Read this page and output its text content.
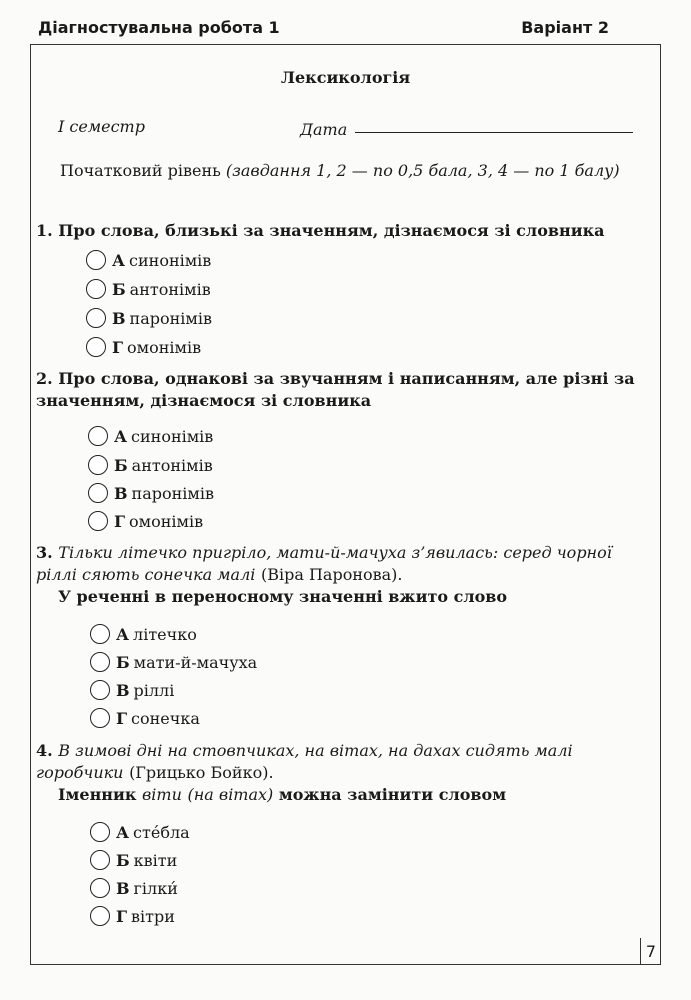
Діагностувальна робота 1	Варіант 2
Лексикологія
I семестр	Дата
Початковий рівень (завдання 1, 2 — по 0,5 бала, 3, 4 — по 1 балу)
1. Про слова, близькі за значенням, дізнаємося зі словника
А синонімів
Б антонімів
В паронімів
Г омонімів
2. Про слова, однакові за звучанням і написанням, але різні за значенням, дізнаємося зі словника
А синонімів
Б антонімів
В паронімів
Г омонімів
3. Тільки літечко пригріло, мати-й-мачуха з’явилась: серед чорної ріллі сяють сонечка малі (Віра Паронова).
У реченні в переносному значенні вжито слово
А літечко
Б мати-й-мачуха
В ріллі
Г сонечка
4. В зимові дні на стовпчиках, на вітах, на дахах сидять малі горобчики (Грицько Бойко).
Іменник віти (на вітах) можна замінити словом
А сте́бла
Б квіти
В гілки́
Г вітри
7
